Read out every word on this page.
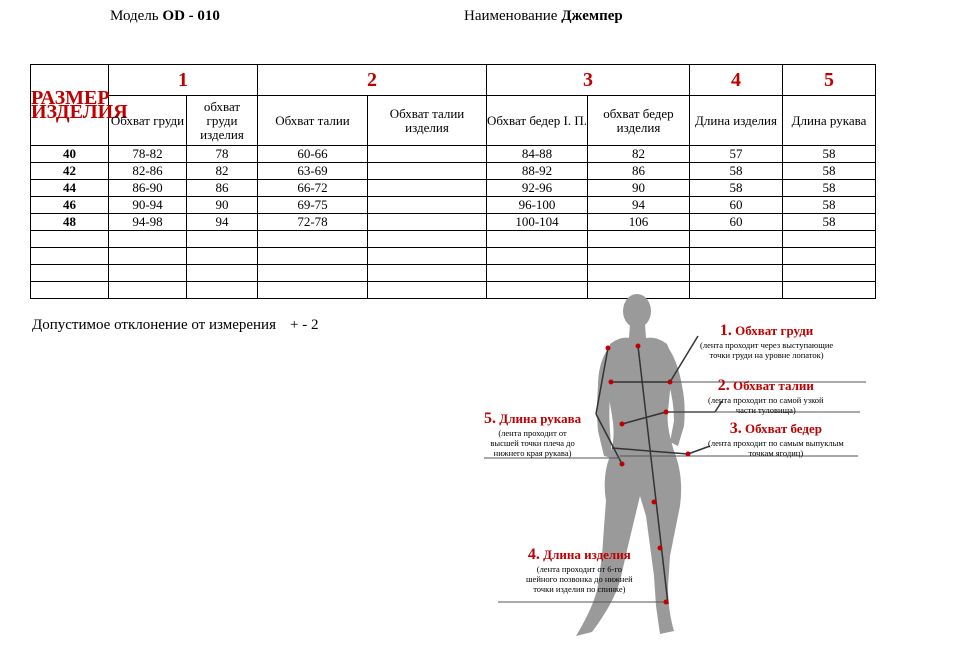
Модель OD - 010	Наименование Джемпер
РАЗМЕР ИЗДЕЛИЯ	1		2		3		4	5
	Обхват груди	обхват груди изделия	Обхват талии	Обхват талии изделия	Обхват бедер I. П.	обхват бедер изделия	Длина изделия	Длина рукава
40	78-82	78	60-66		84-88	82	57	58
42	82-86	82	63-69		88-92	86	58	58
44	86-90	86	66-72		92-96	90	58	58
46	90-94	90	69-75		96-100	94	60	58
48	94-98	94	72-78		100-104	106	60	58

Допустимое отклонение от измерения + - 2	1. Обхват груди
(лента проходит через выступающие
точки груди на уровне лопаток)
2. Обхват талии
(лента проходит по самой узкой
части туловища)
3. Обхват бедер
(лента проходит по самым выпуклым
точкам ягодиц)
5. Длина рукава
(лента проходит от
высшей точки плеча до
нижнего края рукава)
4. Длина изделия
(лента проходит от 6-го
шейного позвонка до нижней
точки изделия по спинке)
